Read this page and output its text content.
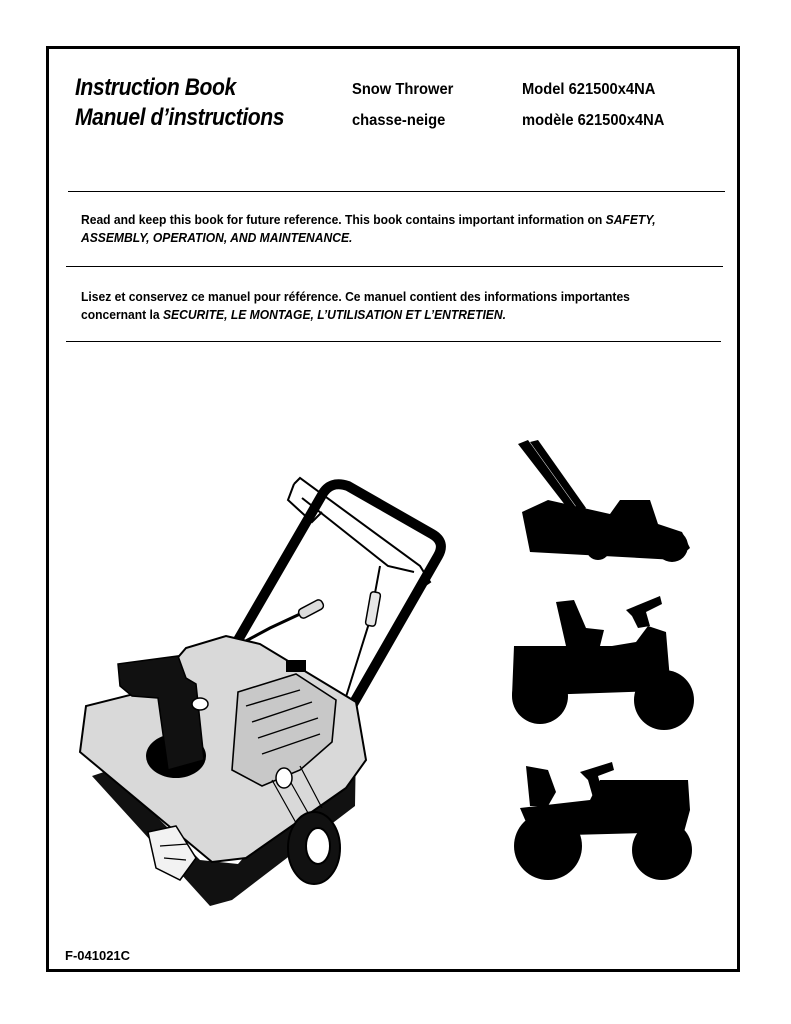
Instruction Book
Manuel d’instructions
Snow Thrower
chasse-neige
Model 621500x4NA
modèle 621500x4NA
Read and keep this book for future reference. This book contains important information on SAFETY, ASSEMBLY, OPERATION, AND MAINTENANCE.
Lisez et conservez ce manuel pour référence. Ce manuel contient des informations importantes concernant la SECURITE, LE MONTAGE, L’UTILISATION ET L’ENTRETIEN.
F-041021C
